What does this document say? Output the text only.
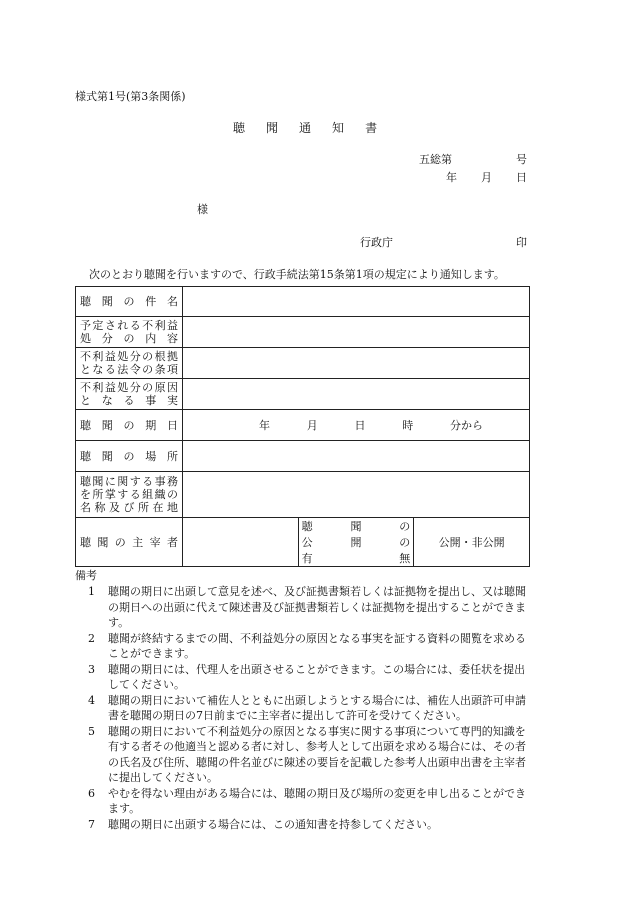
様式第1号(第3条関係)
聴 聞 通 知 書
五総第	号
年 月 日
様
行政庁	印
次のとおり聴聞を行いますので、行政手続法第15条第1項の規定により通知します。
聴聞の件名			

予定される不利益
処分の内容			

不利益処分の根拠
となる法令の条項			

不利益処分の原因
となる事実			

聴聞の期日	年 月 日 時 分から		

聴聞の場所			

聴聞に関する事務
を所掌する組織の
名称及び所在地			

聴聞の主宰者		聴聞の
公開の
有　無	公開・非公開
備考
1 聴聞の期日に出頭して意見を述べ、及び証拠書類若しくは証拠物を提出し、又は聴聞の期日への出頭に代えて陳述書及び証拠書類若しくは証拠物を提出することができます。
2 聴聞が終結するまでの間、不利益処分の原因となる事実を証する資料の閲覧を求めることができます。
3 聴聞の期日には、代理人を出頭させることができます。この場合には、委任状を提出してください。
4 聴聞の期日において補佐人とともに出頭しようとする場合には、補佐人出頭許可申請書を聴聞の期日の7日前までに主宰者に提出して許可を受けてください。
5 聴聞の期日において不利益処分の原因となる事実に関する事項について専門的知識を有する者その他適当と認める者に対し、参考人として出頭を求める場合には、その者の氏名及び住所、聴聞の件名並びに陳述の要旨を記載した参考人出頭申出書を主宰者に提出してください。
6 やむを得ない理由がある場合には、聴聞の期日及び場所の変更を申し出ることができます。
7 聴聞の期日に出頭する場合には、この通知書を持参してください。
